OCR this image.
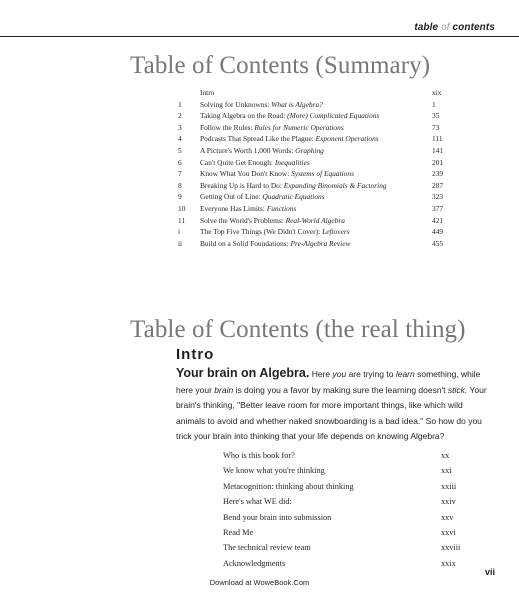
table of contents
Table of Contents (Summary)
	Intro	xix
1	Solving for Unknowns: What is Algebra?	1
2	Taking Algebra on the Road: (More) Complicated Equations	35
3	Follow the Rules: Rules for Numeric Operations	73
4	Podcasts That Spread Like the Plague: Exponent Operations	111
5	A Picture's Worth 1,000 Words: Graphing	141
6	Can't Quite Get Enough: Inequalities	201
7	Know What You Don't Know: Systems of Equations	239
8	Breaking Up is Hard to Do: Expanding Binomials & Factoring	287
9	Getting Out of Line: Quadratic Equations	323
10	Everyone Has Limits: Functions	377
11	Solve the World's Problems: Real-World Algebra	421
i	The Top Five Things (We Didn't Cover): Leftovers	449
ii	Build on a Solid Foundations: Pre-Algebra Review	455
Table of Contents (the real thing)
Intro

Your brain on Algebra. Here you are trying to learn something, while here your brain is doing you a favor by making sure the learning doesn't stick. Your brain's thinking, "Better leave room for more important things, like which wild animals to avoid and whether naked snowboarding is a bad idea." So how do you trick your brain into thinking that your life depends on knowing Algebra?

Who is this book for?	xx
We know what you're thinking	xxi
Metacognition: thinking about thinking	xxiii
Here's what WE did:	xxiv
Bend your brain into submission	xxv
Read Me	xxvi
The technical review team	xxviii
Acknowledgments	xxix
vii
Download at WoweBook.Com
